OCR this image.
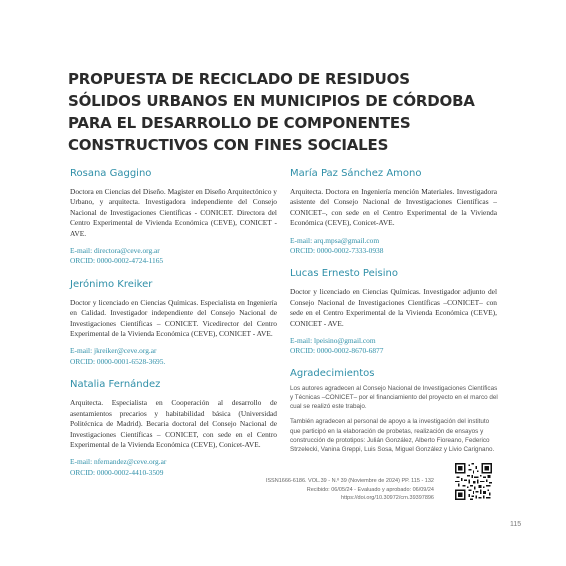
PROPUESTA DE RECICLADO DE RESIDUOS SÓLIDOS URBANOS EN MUNICIPIOS DE CÓRDOBA PARA EL DESARROLLO DE COMPONENTES CONSTRUCTIVOS CON FINES SOCIALES
Rosana Gaggino

Doctora en Ciencias del Diseño. Magister en Diseño Arquitectónico y Urbano, y arquitecta. Investigadora independiente del Consejo Nacional de Investigaciones Científicas - CONICET. Directora del Centro Experimental de Vivienda Económica (CEVE), CONICET - AVE.

E-mail: directora@ceve.org.ar
ORCID: 0000-0002-4724-1165

Jerónimo Kreiker

Doctor y licenciado en Ciencias Químicas. Especialista en Ingeniería en Calidad. Investigador independiente del Consejo Nacional de Investigaciones Científicas – CONICET. Vicedirector del Centro Experimental de la Vivienda Económica (CEVE), CONICET - AVE.

E-mail: jkreiker@ceve.org.ar
ORCID: 0000-0001-6528-3695.

Natalia Fernández

Arquitecta. Especialista en Cooperación al desarrollo de asentamientos precarios y habitabilidad básica (Universidad Politécnica de Madrid). Becaria doctoral del Consejo Nacional de Investigaciones Científicas – CONICET, con sede en el Centro Experimental de la Vivienda Económica (CEVE), Conicet-AVE.

E-mail: nfernandez@ceve.org.ar
ORCID: 0000-0002-4410-3509

María Paz Sánchez Amono

Arquitecta. Doctora en Ingeniería mención Materiales. Investigadora asistente del Consejo Nacional de Investigaciones Científicas –CONICET–, con sede en el Centro Experimental de la Vivienda Económica (CEVE), Conicet-AVE.

E-mail: arq.mpsa@gmail.com
ORCID: 0000-0002-7333-0938

Lucas Ernesto Peisino

Doctor y licenciado en Ciencias Químicas. Investigador adjunto del Consejo Nacional de Investigaciones Científicas –CONICET– con sede en el Centro Experimental de la Vivienda Económica (CEVE), CONICET - AVE.

E-mail: lpeisino@gmail.com
ORCID: 0000-0002-8670-6877

Agradecimientos

Los autores agradecen al Consejo Nacional de Investigaciones Científicas y Técnicas –CONICET– por el financiamiento del proyecto en el marco del cual se realizó este trabajo.

También agradecen al personal de apoyo a la investigación del instituto que participó en la elaboración de probetas, realización de ensayos y construcción de prototipos: Julián González, Alberto Fioreano, Federico Strzelecki, Vanina Greppi, Luis Sosa, Miguel González y Livio Carignano.

ISSN1666-6186. VOL.39 - N.º 39 (Noviembre de 2024) PP. 115 - 132
Recibido: 06/05/24 - Evaluado y aprobado: 06/09/24
https://doi.org/10.30972/crn.39397896
115
